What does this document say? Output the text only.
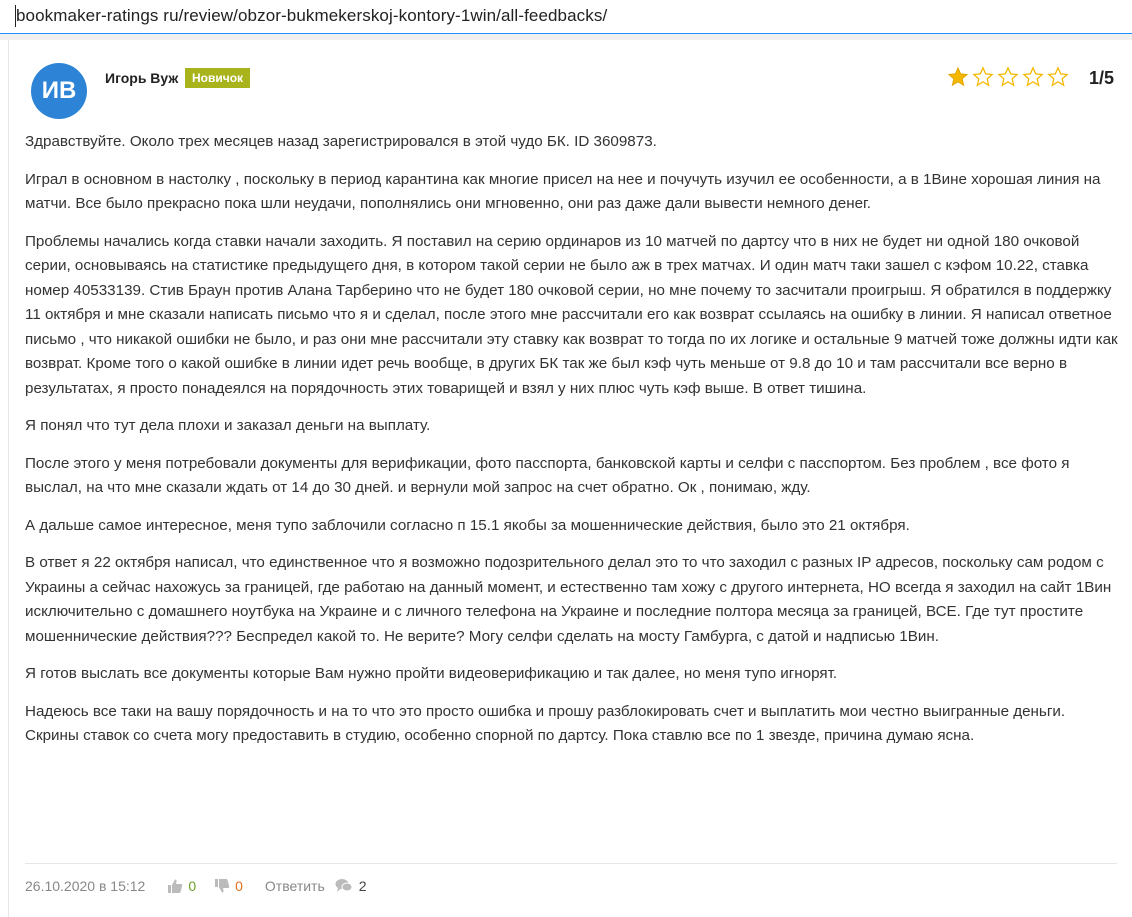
bookmaker-ratings ru/review/obzor-bukmekerskoj-kontory-1win/all-feedbacks/
ИВ	Игорь Вуж	Новичок	1/5

Здравствуйте. Около трех месяцев назад зарегистрировался в этой чудо БК. ID 3609873.

Играл в основном в настолку , поскольку в период карантина как многие присел на нее и почучуть изучил ее особенности, а в 1Вине хорошая линия на матчи. Все было прекрасно пока шли неудачи, пополнялись они мгновенно, они раз даже дали вывести немного денег.

Проблемы начались когда ставки начали заходить. Я поставил на серию ординаров из 10 матчей по дартсу что в них не будет ни одной 180 очковой серии, основываясь на статистике предыдущего дня, в котором такой серии не было аж в трех матчах. И один матч таки зашел с кэфом 10.22, ставка номер 40533139. Стив Браун против Алана Тарберино что не будет 180 очковой серии, но мне почему то засчитали проигрыш. Я обратился в поддержку 11 октября и мне сказали написать письмо что я и сделал, после этого мне рассчитали его как возврат ссылаясь на ошибку в линии. Я написал ответное письмо , что никакой ошибки не было, и раз они мне рассчитали эту ставку как возврат то тогда по их логике и остальные 9 матчей тоже должны идти как возврат. Кроме того о какой ошибке в линии идет речь вообще, в других БК так же был кэф чуть меньше от 9.8 до 10 и там рассчитали все верно в результатах, я просто понадеялся на порядочность этих товарищей и взял у них плюс чуть кэф выше. В ответ тишина.

Я понял что тут дела плохи и заказал деньги на выплату.

После этого у меня потребовали документы для верификации, фото пасспорта, банковской карты и селфи с пасспортом. Без проблем , все фото я выслал, на что мне сказали ждать от 14 до 30 дней. и вернули мой запрос на счет обратно. Ок , понимаю, жду.

А дальше самое интересное, меня тупо заблочили согласно п 15.1 якобы за мошеннические действия, было это 21 октября.

В ответ я 22 октября написал, что единственное что я возможно подозрительного делал это то что заходил с разных IP адресов, поскольку сам родом с Украины а сейчас нахожусь за границей, где работаю на данный момент, и естественно там хожу с другого интернета, НО всегда я заходил на сайт 1Вин исключительно с домашнего ноутбука на Украине и с личного телефона на Украине и последние полтора месяца за границей, ВСЕ. Где тут простите мошеннические действия??? Беспредел какой то. Не верите? Могу селфи сделать на мосту Гамбурга, с датой и надписью 1Вин.

Я готов выслать все документы которые Вам нужно пройти видеоверификацию и так далее, но меня тупо игнорят.

Надеюсь все таки на вашу порядочность и на то что это просто ошибка и прошу разблокировать счет и выплатить мои честно выигранные деньги. Скрины ставок со счета могу предоставить в студию, особенно спорной по дартсу. Пока ставлю все по 1 звезде, причина думаю ясна.

26.10.2020 в 15:12	0	0 Ответить 2
